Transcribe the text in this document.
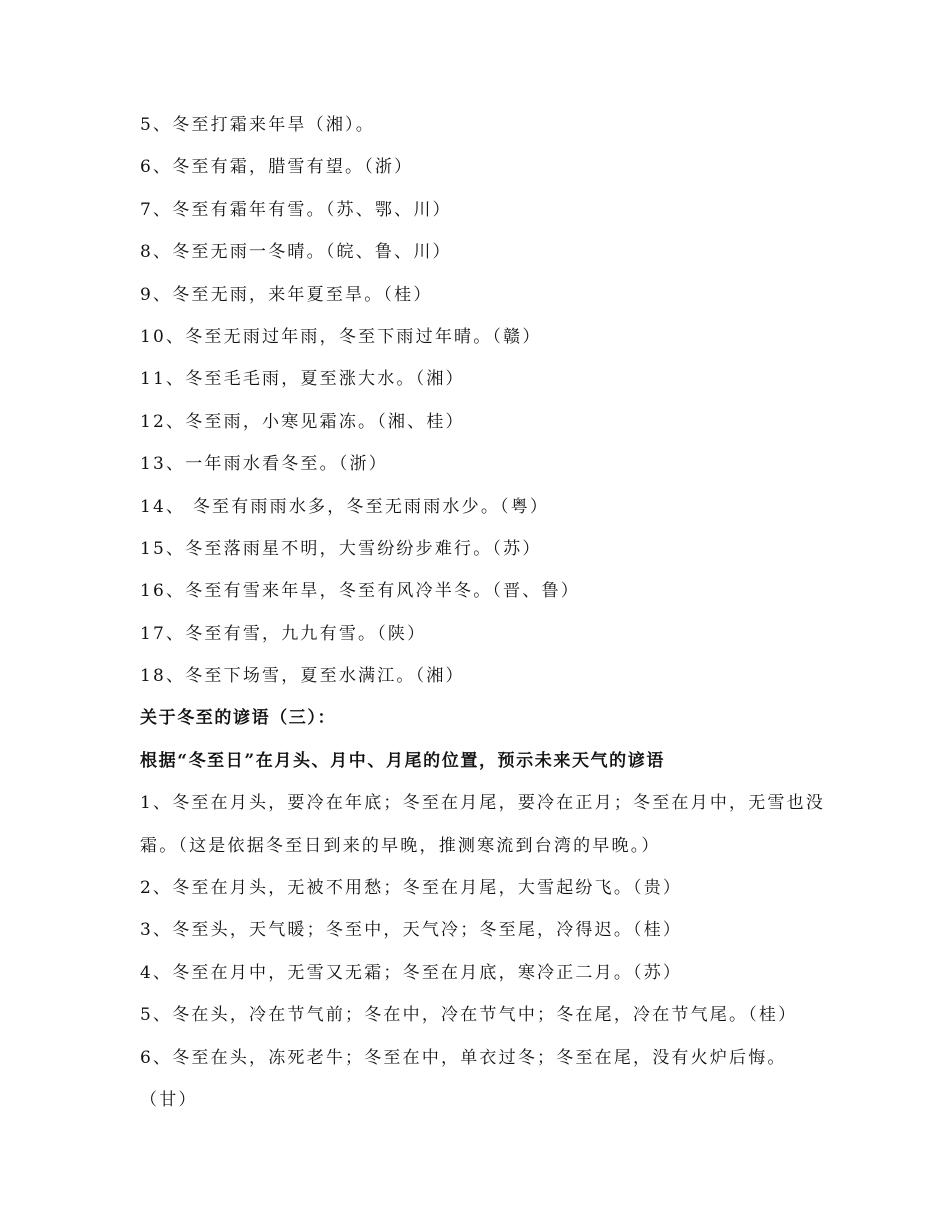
5、冬至打霜来年旱（湘）。
6、冬至有霜，腊雪有望。（浙）
7、冬至有霜年有雪。（苏、鄂、川）
8、冬至无雨一冬晴。（皖、鲁、川）
9、冬至无雨，来年夏至旱。（桂）
10、冬至无雨过年雨，冬至下雨过年晴。（赣）
11、冬至毛毛雨，夏至涨大水。（湘）
12、冬至雨，小寒见霜冻。（湘、桂）
13、一年雨水看冬至。（浙）
14、 冬至有雨雨水多，冬至无雨雨水少。（粤）
15、冬至落雨星不明，大雪纷纷步难行。（苏）
16、冬至有雪来年旱，冬至有风冷半冬。（晋、鲁）
17、冬至有雪，九九有雪。（陕）
18、冬至下场雪，夏至水满江。（湘）
关于冬至的谚语（三）：
根据“冬至日”在月头、月中、月尾的位置，预示未来天气的谚语
1、冬至在月头，要冷在年底；冬至在月尾，要冷在正月；冬至在月中，无雪也没
霜。（这是依据冬至日到来的早晚，推测寒流到台湾的早晚。）
2、冬至在月头，无被不用愁；冬至在月尾，大雪起纷飞。（贵）
3、冬至头，天气暖；冬至中，天气冷；冬至尾，冷得迟。（桂）
4、冬至在月中，无雪又无霜；冬至在月底，寒冷正二月。（苏）
5、冬在头，冷在节气前；冬在中，冷在节气中；冬在尾，冷在节气尾。（桂）
6、冬至在头，冻死老牛；冬至在中，单衣过冬；冬至在尾，没有火炉后悔。
（甘）
